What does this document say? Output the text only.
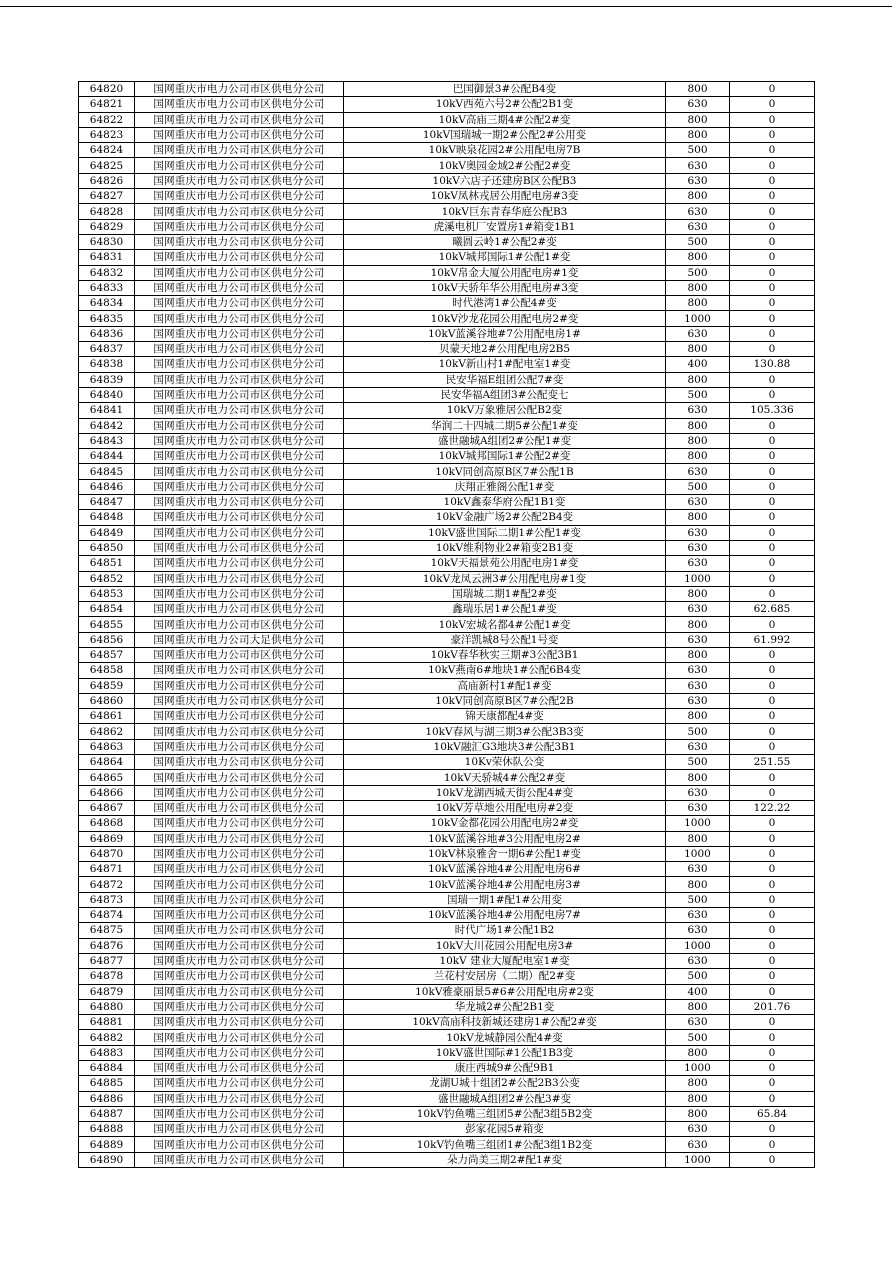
64820	国网重庆市电力公司市区供电分公司	巴国御景3#公配B4变	800	0
64821	国网重庆市电力公司市区供电分公司	10kV西苑六号2#公配2B1变	630	0
64822	国网重庆市电力公司市区供电分公司	10kV高庙三期4#公配2#变	800	0
64823	国网重庆市电力公司市区供电分公司	10kV国瑞城一期2#公配2#公用变	800	0
64824	国网重庆市电力公司市区供电分公司	10kV映泉花园2#公用配电房7B	500	0
64825	国网重庆市电力公司市区供电分公司	10kV奥园金域2#公配2#变	630	0
64826	国网重庆市电力公司市区供电分公司	10kV六店子还建房B区公配B3	630	0
64827	国网重庆市电力公司市区供电分公司	10kV凤林戎居公用配电房#3变	800	0
64828	国网重庆市电力公司市区供电分公司	10kV巨东青春华庭公配B3	630	0
64829	国网重庆市电力公司市区供电分公司	虎溪电机厂安置房1#箱变1B1	630	0
64830	国网重庆市电力公司市区供电分公司	曦圆云岭1#公配2#变	500	0
64831	国网重庆市电力公司市区供电分公司	10kV城邦国际1#公配1#变	800	0
64832	国网重庆市电力公司市区供电分公司	10kV帛金大厦公用配电房#1变	500	0
64833	国网重庆市电力公司市区供电分公司	10kV天骄年华公用配电房#3变	800	0
64834	国网重庆市电力公司市区供电分公司	时代港湾1#公配4#变	800	0
64835	国网重庆市电力公司市区供电分公司	10kV沙龙花园公用配电房2#变	1000	0
64836	国网重庆市电力公司市区供电分公司	10kV蓝溪谷地#7公用配电房1#	630	0
64837	国网重庆市电力公司市区供电分公司	贝蒙天地2#公用配电房2B5	800	0
64838	国网重庆市电力公司市区供电分公司	10kV新山村1#配电室1#变	400	130.88
64839	国网重庆市电力公司市区供电分公司	民安华福E组团公配7#变	800	0
64840	国网重庆市电力公司市区供电分公司	民安华福A组团3#公配变七	500	0
64841	国网重庆市电力公司市区供电分公司	10kV万象雅居公配B2变	630	105.336
64842	国网重庆市电力公司市区供电分公司	华润二十四城二期5#公配1#变	800	0
64843	国网重庆市电力公司市区供电分公司	盛世融城A组团2#公配1#变	800	0
64844	国网重庆市电力公司市区供电分公司	10kV城邦国际1#公配2#变	800	0
64845	国网重庆市电力公司市区供电分公司	10kV同创高原B区7#公配1B	630	0
64846	国网重庆市电力公司市区供电分公司	庆翔正雅阁公配1#变	500	0
64847	国网重庆市电力公司市区供电分公司	10kV鑫泰华府公配1B1变	630	0
64848	国网重庆市电力公司市区供电分公司	10kV金融广场2#公配2B4变	800	0
64849	国网重庆市电力公司市区供电分公司	10kV盛世国际二期1#公配1#变	630	0
64850	国网重庆市电力公司市区供电分公司	10kV维利物业2#箱变2B1变	630	0
64851	国网重庆市电力公司市区供电分公司	10kV天福景苑公用配电房1#变	630	0
64852	国网重庆市电力公司市区供电分公司	10kV龙凤云洲3#公用配电房#1变	1000	0
64853	国网重庆市电力公司市区供电分公司	国瑞城二期1#配2#变	800	0
64854	国网重庆市电力公司市区供电分公司	鑫瑞乐居1#公配1#变	630	62.685
64855	国网重庆市电力公司市区供电分公司	10kV宏城名都4#公配1#变	800	0
64856	国网重庆市电力公司大足供电分公司	豪洋凯城8号公配1号变	630	61.992
64857	国网重庆市电力公司市区供电分公司	10kV春华秋实三期#3公配3B1	800	0
64858	国网重庆市电力公司市区供电分公司	10kV燕南6#地块1#公配6B4变	630	0
64859	国网重庆市电力公司市区供电分公司	高庙新村1#配1#变	630	0
64860	国网重庆市电力公司市区供电分公司	10kV同创高原B区7#公配2B	630	0
64861	国网重庆市电力公司市区供电分公司	锦天康都配4#变	800	0
64862	国网重庆市电力公司市区供电分公司	10kV春风与湖三期3#公配3B3变	500	0
64863	国网重庆市电力公司市区供电分公司	10kV融汇G3地块3#公配3B1	630	0
64864	国网重庆市电力公司市区供电分公司	10Kv荣休队公变	500	251.55
64865	国网重庆市电力公司市区供电分公司	10kV天骄城4#公配2#变	800	0
64866	国网重庆市电力公司市区供电分公司	10kV龙湖西城天街公配4#变	630	0
64867	国网重庆市电力公司市区供电分公司	10kV芳草地公用配电房#2变	630	122.22
64868	国网重庆市电力公司市区供电分公司	10kV金都花园公用配电房2#变	1000	0
64869	国网重庆市电力公司市区供电分公司	10kV蓝溪谷地#3公用配电房2#	800	0
64870	国网重庆市电力公司市区供电分公司	10kV林泉雅舍一期6#公配1#变	1000	0
64871	国网重庆市电力公司市区供电分公司	10kV蓝溪谷地4#公用配电房6#	630	0
64872	国网重庆市电力公司市区供电分公司	10kV蓝溪谷地4#公用配电房3#	800	0
64873	国网重庆市电力公司市区供电分公司	国瑞一期1#配1#公用变	500	0
64874	国网重庆市电力公司市区供电分公司	10kV蓝溪谷地4#公用配电房7#	630	0
64875	国网重庆市电力公司市区供电分公司	时代广场1#公配1B2	630	0
64876	国网重庆市电力公司市区供电分公司	10kV大川花园公用配电房3#	1000	0
64877	国网重庆市电力公司市区供电分公司	10kV 建业大厦配电室1#变	630	0
64878	国网重庆市电力公司市区供电分公司	兰花村安居房（二期）配2#变	500	0
64879	国网重庆市电力公司市区供电分公司	10kV雅豪丽景5#6#公用配电房#2变	400	0
64880	国网重庆市电力公司市区供电分公司	华龙城2#公配2B1变	800	201.76
64881	国网重庆市电力公司市区供电分公司	10kV高庙科技新城还建房1#公配2#变	630	0
64882	国网重庆市电力公司市区供电分公司	10kV龙城静园公配4#变	500	0
64883	国网重庆市电力公司市区供电分公司	10kV盛世国际#1公配1B3变	800	0
64884	国网重庆市电力公司市区供电分公司	康庄西城9#公配9B1	1000	0
64885	国网重庆市电力公司市区供电分公司	龙湖U城十组团2#公配2B3公变	800	0
64886	国网重庆市电力公司市区供电分公司	盛世融城A组团2#公配3#变	800	0
64887	国网重庆市电力公司市区供电分公司	10kV钓鱼嘴三组团5#公配3组5B2变	800	65.84
64888	国网重庆市电力公司市区供电分公司	彭家花园5#箱变	630	0
64889	国网重庆市电力公司市区供电分公司	10kV钓鱼嘴三组团1#公配3组1B2变	630	0
64890	国网重庆市电力公司市区供电分公司	朵力尚美三期2#配1#变	1000	0
